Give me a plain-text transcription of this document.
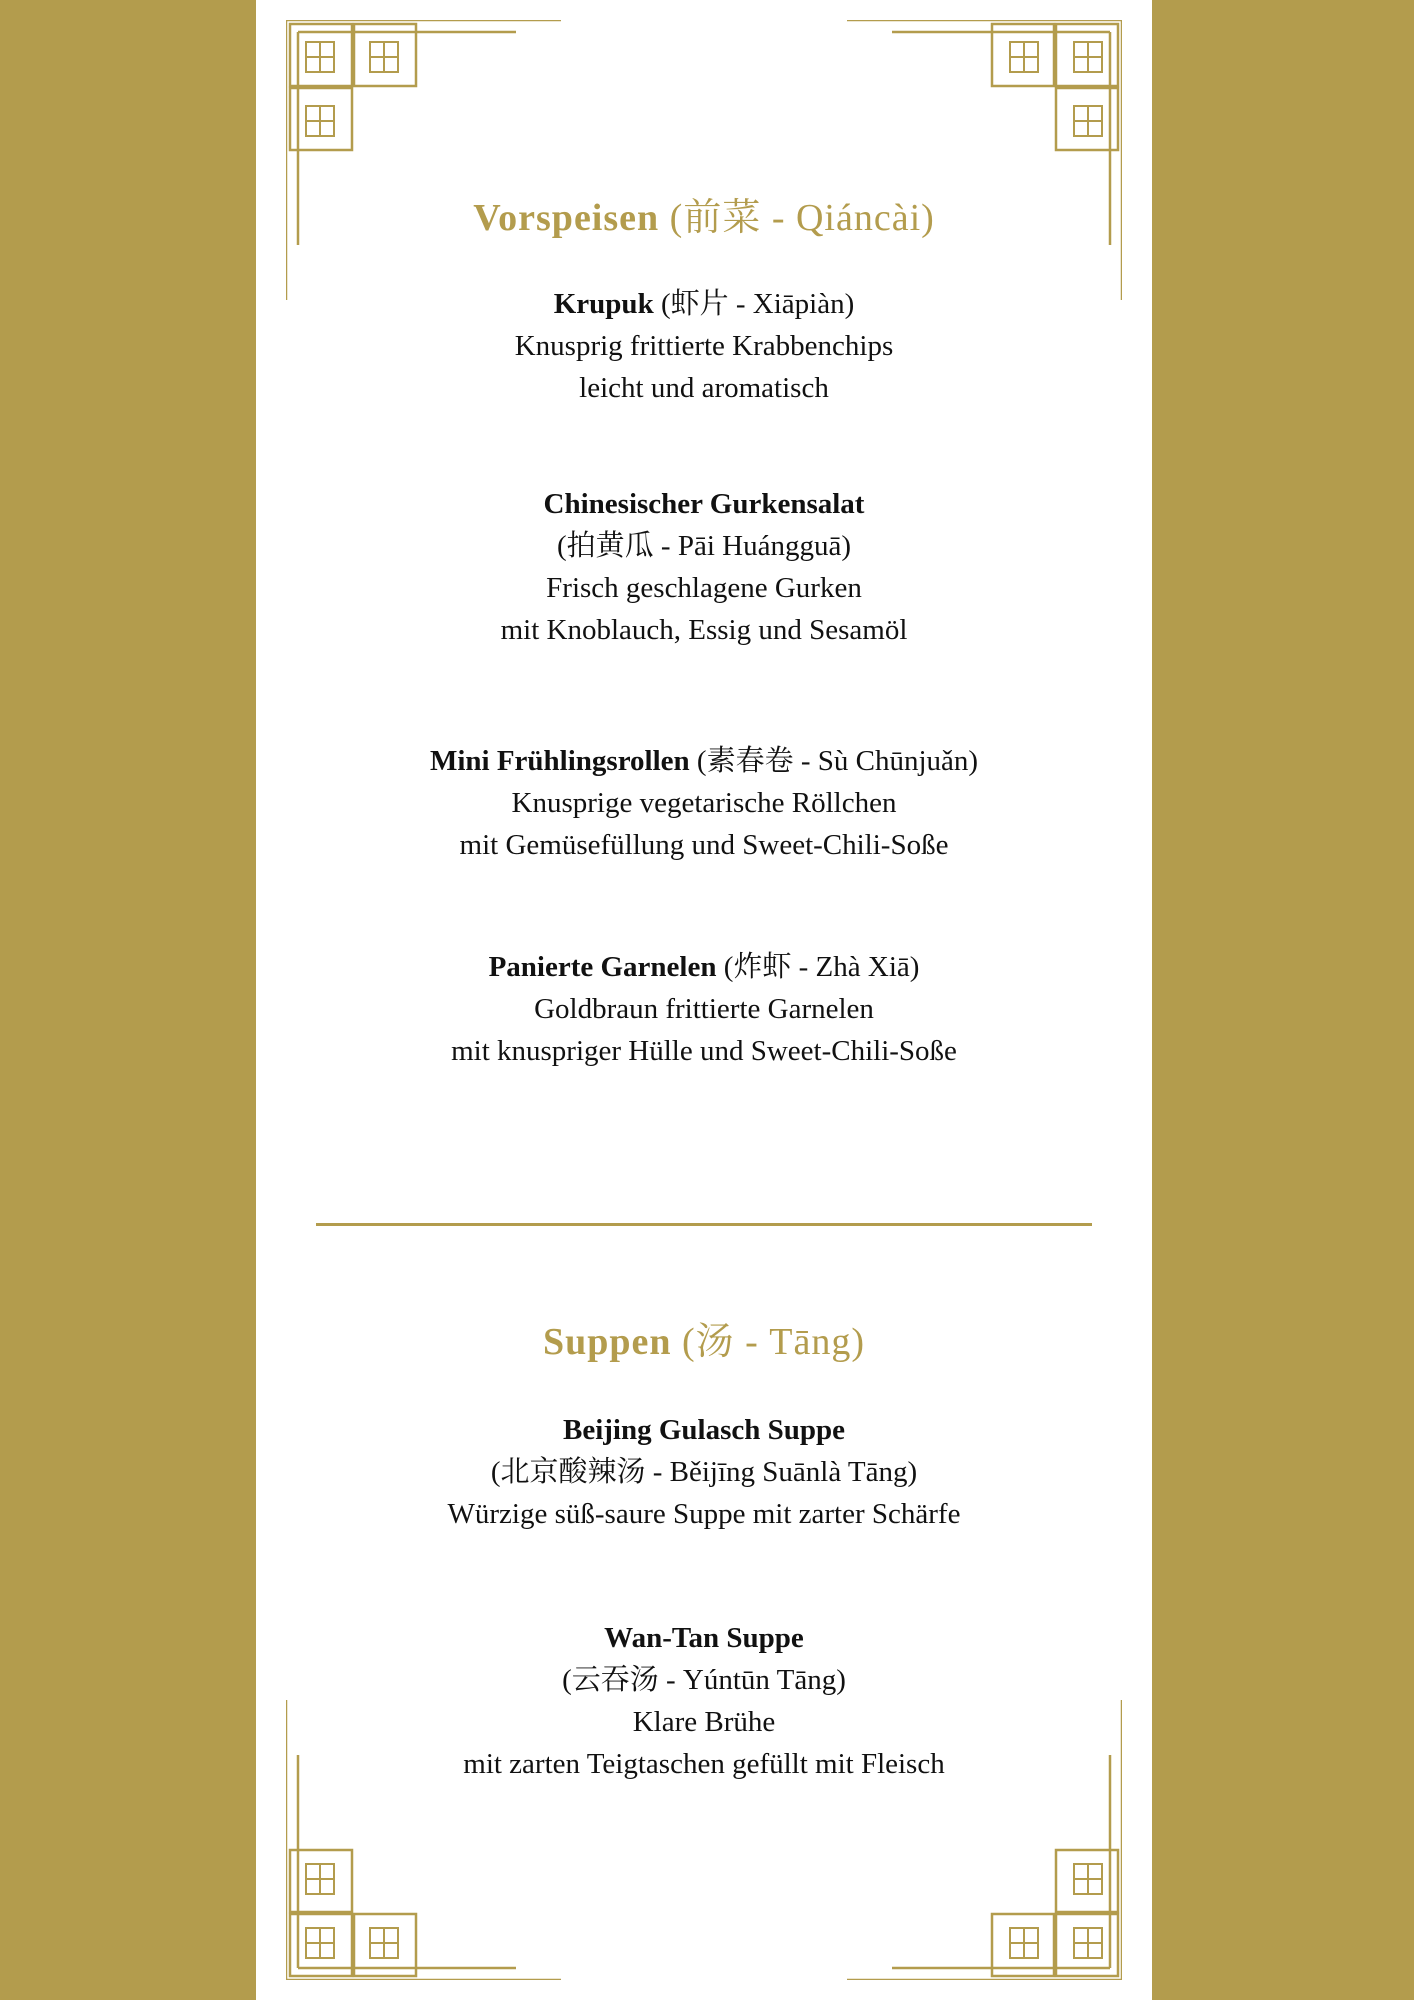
Vorspeisen (前菜 - Qiáncài)
Krupuk (虾片 - Xiāpiàn)
Knusprig frittierte Krabbenchips
leicht und aromatisch
Chinesischer Gurkensalat
(拍黄瓜 - Pāi Huángguā)
Frisch geschlagene Gurken
mit Knoblauch, Essig und Sesamöl
Mini Frühlingsrollen (素春卷 - Sù Chūnjuǎn)
Knusprige vegetarische Röllchen
mit Gemüsefüllung und Sweet-Chili-Soße
Panierte Garnelen (炸虾 - Zhà Xiā)
Goldbraun frittierte Garnelen
mit knuspriger Hülle und Sweet-Chili-Soße
Suppen (汤 - Tāng)
Beijing Gulasch Suppe
(北京酸辣汤 - Běijīng Suānlà Tāng)
Würzige süß-saure Suppe mit zarter Schärfe
Wan-Tan Suppe
(云吞汤 - Yúntūn Tāng)
Klare Brühe
mit zarten Teigtaschen gefüllt mit Fleisch
